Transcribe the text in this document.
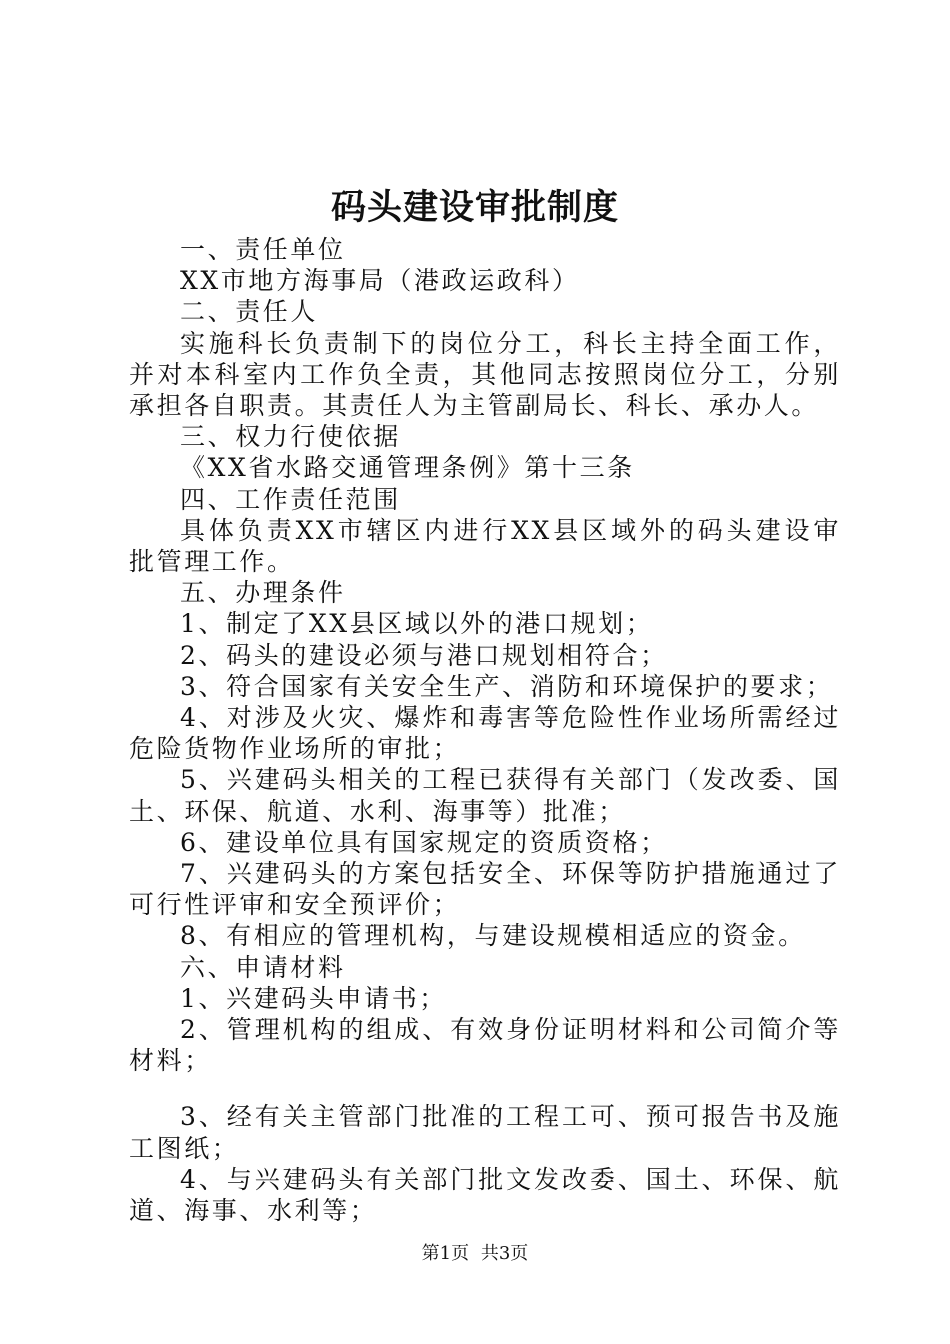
码头建设审批制度

一、责任单位

XX市地方海事局（港政运政科）

二、责任人

实施科长负责制下的岗位分工，科长主持全面工作，并对本科室内工作负全责，其他同志按照岗位分工，分别承担各自职责。其责任人为主管副局长、科长、承办人。

三、权力行使依据

《XX省水路交通管理条例》第十三条

四、工作责任范围

具体负责XX市辖区内进行XX县区域外的码头建设审批管理工作。

五、办理条件

1、制定了XX县区域以外的港口规划；

2、码头的建设必须与港口规划相符合；

3、符合国家有关安全生产、消防和环境保护的要求；

4、对涉及火灾、爆炸和毒害等危险性作业场所需经过危险货物作业场所的审批；

5、兴建码头相关的工程已获得有关部门（发改委、国土、环保、航道、水利、海事等）批准；

6、建设单位具有国家规定的资质资格；

7、兴建码头的方案包括安全、环保等防护措施通过了可行性评审和安全预评价；

8、有相应的管理机构，与建设规模相适应的资金。

六、申请材料

1、兴建码头申请书；

2、管理机构的组成、有效身份证明材料和公司简介等材料；

3、经有关主管部门批准的工程工可、预可报告书及施工图纸；

4、与兴建码头有关部门批文发改委、国土、环保、航道、海事、水利等；

第1页 共3页
